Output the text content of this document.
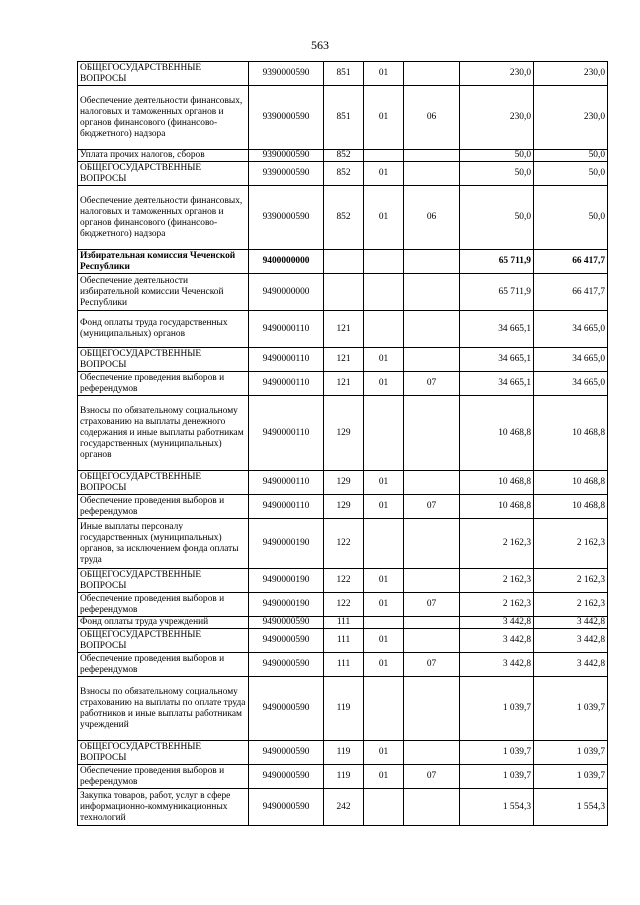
563
ОБЩЕГОСУДАРСТВЕННЫЕ ВОПРОСЫ	9390000590	851	01		230,0	230,0
Обеспечение деятельности финансовых, налоговых и таможенных органов и органов финансового (финансово-бюджетного) надзора	9390000590	851	01	06	230,0	230,0
Уплата прочих налогов, сборов	9390000590	852			50,0	50,0
ОБЩЕГОСУДАРСТВЕННЫЕ ВОПРОСЫ	9390000590	852	01		50,0	50,0
Обеспечение деятельности финансовых, налоговых и таможенных органов и органов финансового (финансово-бюджетного) надзора	9390000590	852	01	06	50,0	50,0
Избирательная комиссия Чеченской Республики	9400000000				65 711,9	66 417,7
Обеспечение деятельности избирательной комиссии Чеченской Республики	9490000000				65 711,9	66 417,7
Фонд оплаты труда государственных (муниципальных) органов	9490000110	121			34 665,1	34 665,0
ОБЩЕГОСУДАРСТВЕННЫЕ ВОПРОСЫ	9490000110	121	01		34 665,1	34 665,0
Обеспечение проведения выборов и референдумов	9490000110	121	01	07	34 665,1	34 665,0
Взносы по обязательному социальному страхованию на выплаты денежного содержания и иные выплаты работникам государственных (муниципальных) органов	9490000110	129			10 468,8	10 468,8
ОБЩЕГОСУДАРСТВЕННЫЕ ВОПРОСЫ	9490000110	129	01		10 468,8	10 468,8
Обеспечение проведения выборов и референдумов	9490000110	129	01	07	10 468,8	10 468,8
Иные выплаты персоналу государственных (муниципальных) органов, за исключением фонда оплаты труда	9490000190	122			2 162,3	2 162,3
ОБЩЕГОСУДАРСТВЕННЫЕ ВОПРОСЫ	9490000190	122	01		2 162,3	2 162,3
Обеспечение проведения выборов и референдумов	9490000190	122	01	07	2 162,3	2 162,3
Фонд оплаты труда учреждений	9490000590	111			3 442,8	3 442,8
ОБЩЕГОСУДАРСТВЕННЫЕ ВОПРОСЫ	9490000590	111	01		3 442,8	3 442,8
Обеспечение проведения выборов и референдумов	9490000590	111	01	07	3 442,8	3 442,8
Взносы по обязательному социальному страхованию на выплаты по оплате труда работников и иные выплаты работникам учреждений	9490000590	119			1 039,7	1 039,7
ОБЩЕГОСУДАРСТВЕННЫЕ ВОПРОСЫ	9490000590	119	01		1 039,7	1 039,7
Обеспечение проведения выборов и референдумов	9490000590	119	01	07	1 039,7	1 039,7
Закупка товаров, работ, услуг в сфере информационно-коммуникационных технологий	9490000590	242			1 554,3	1 554,3
